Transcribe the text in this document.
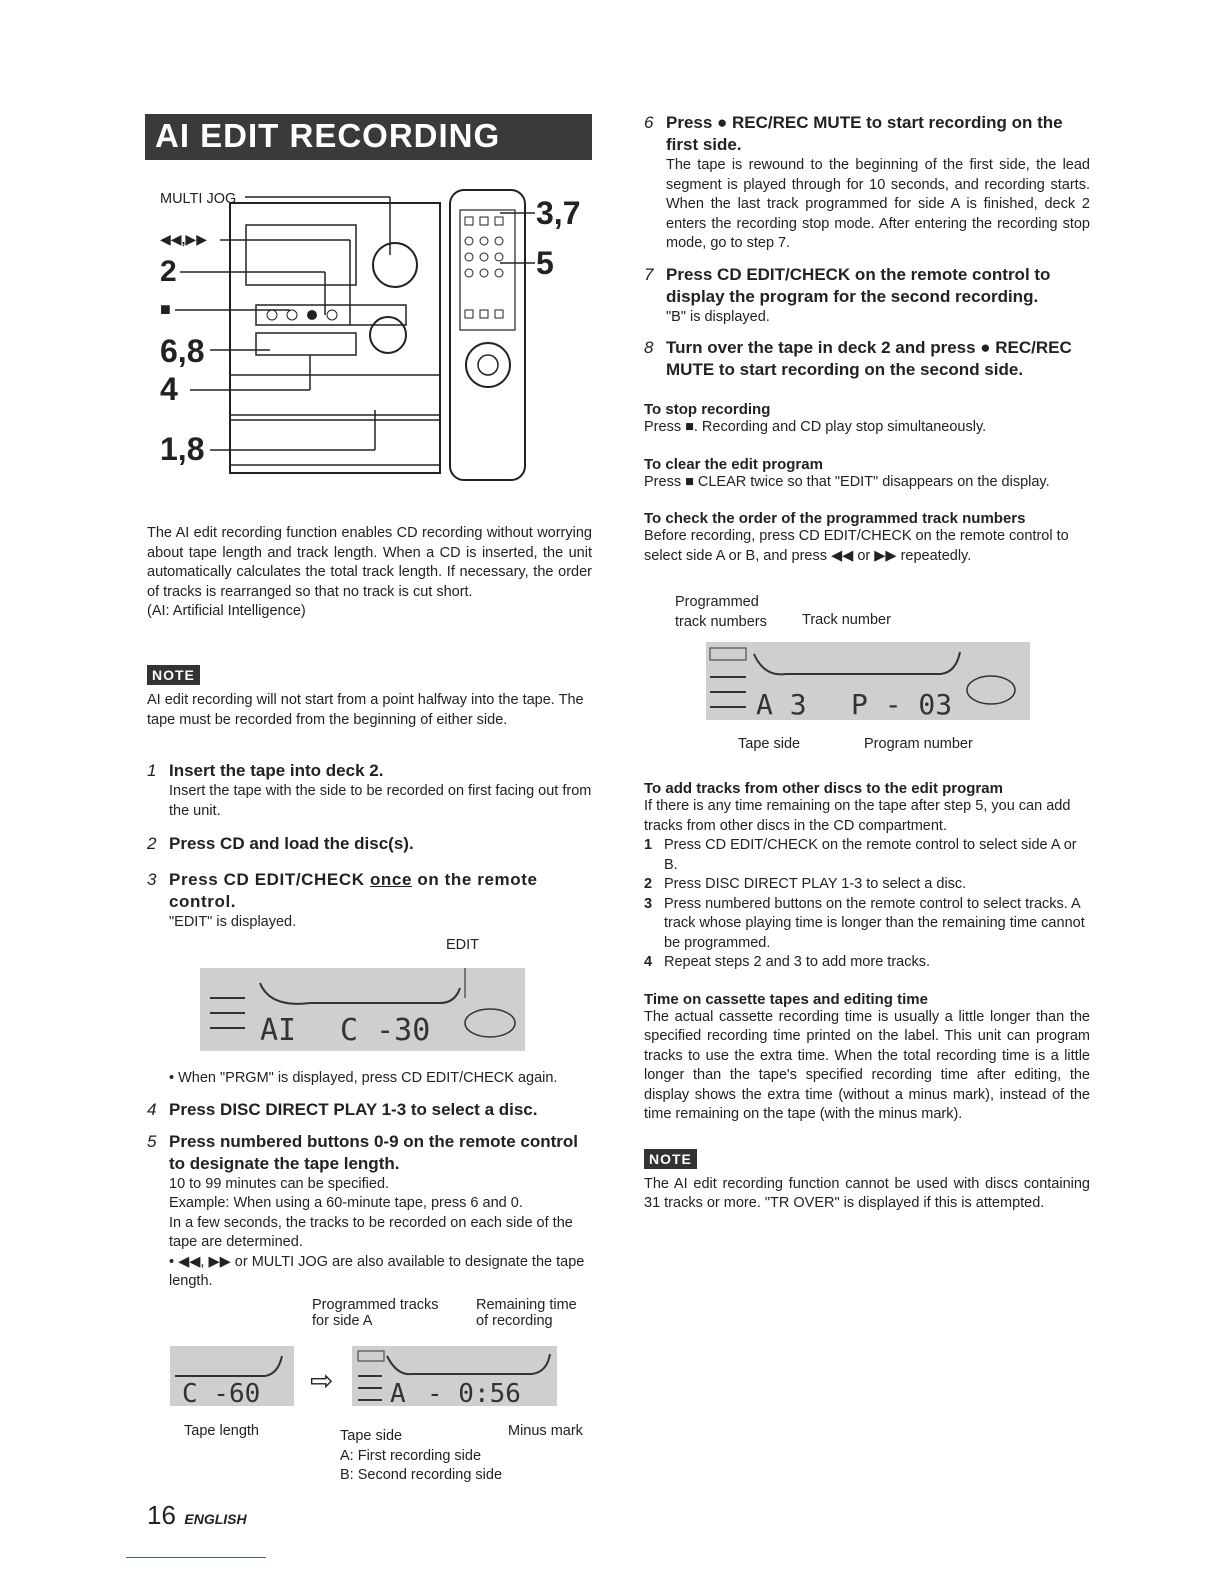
AI EDIT RECORDING
MULTI JOG
◀◀,▶▶
2
■
6,8
4
1,8
3,7
5
The AI edit recording function enables CD recording without worrying about tape length and track length. When a CD is inserted, the unit automatically calculates the total track length. If necessary, the order of tracks is rearranged so that no track is cut short.
(AI: Artificial Intelligence)
NOTE
AI edit recording will not start from a point halfway into the tape. The tape must be recorded from the beginning of either side.
1 Insert the tape into deck 2.
Insert the tape with the side to be recorded on first facing out from the unit.
2 Press CD and load the disc(s).
3 Press CD EDIT/CHECK once on the remote control.
"EDIT" is displayed.
EDIT
AI C -30
• When "PRGM" is displayed, press CD EDIT/CHECK again.
4 Press DISC DIRECT PLAY 1-3 to select a disc.
5 Press numbered buttons 0-9 on the remote control to designate the tape length.
10 to 99 minutes can be specified.
Example: When using a 60-minute tape, press 6 and 0.
In a few seconds, the tracks to be recorded on each side of the tape are determined.
• ◀◀, ▶▶ or MULTI JOG are also available to designate the tape length.
Programmed tracks
for side A
Remaining time
of recording
C -60 ⇨ A - 0:56
Tape length	Tape side
A: First recording side
B: Second recording side
Minus mark
6 Press ● REC/REC MUTE to start recording on the first side.
The tape is rewound to the beginning of the first side, the lead segment is played through for 10 seconds, and recording starts. When the last track programmed for side A is finished, deck 2 enters the recording stop mode. After entering the recording stop mode, go to step 7.
7 Press CD EDIT/CHECK on the remote control to display the program for the second recording.
"B" is displayed.
8 Turn over the tape in deck 2 and press ● REC/REC MUTE to start recording on the second side.
To stop recording
Press ■. Recording and CD play stop simultaneously.
To clear the edit program
Press ■ CLEAR twice so that "EDIT" disappears on the display.
To check the order of the programmed track numbers
Before recording, press CD EDIT/CHECK on the remote control to select side A or B, and press ◀◀ or ▶▶ repeatedly.
Programmed
track numbers Track number
A 3 P - 03
Tape side	Program number
To add tracks from other discs to the edit program
If there is any time remaining on the tape after step 5, you can add tracks from other discs in the CD compartment.
1 Press CD EDIT/CHECK on the remote control to select side A or B.
2 Press DISC DIRECT PLAY 1-3 to select a disc.
3 Press numbered buttons on the remote control to select tracks. A track whose playing time is longer than the remaining time cannot be programmed.
4 Repeat steps 2 and 3 to add more tracks.
Time on cassette tapes and editing time
The actual cassette recording time is usually a little longer than the specified recording time printed on the label. This unit can program tracks to use the extra time. When the total recording time is a little longer than the tape's specified recording time after editing, the display shows the extra time (without a minus mark), instead of the time remaining on the tape (with the minus mark).
NOTE
The AI edit recording function cannot be used with discs containing 31 tracks or more. "TR OVER" is displayed if this is attempted.
16 ENGLISH
